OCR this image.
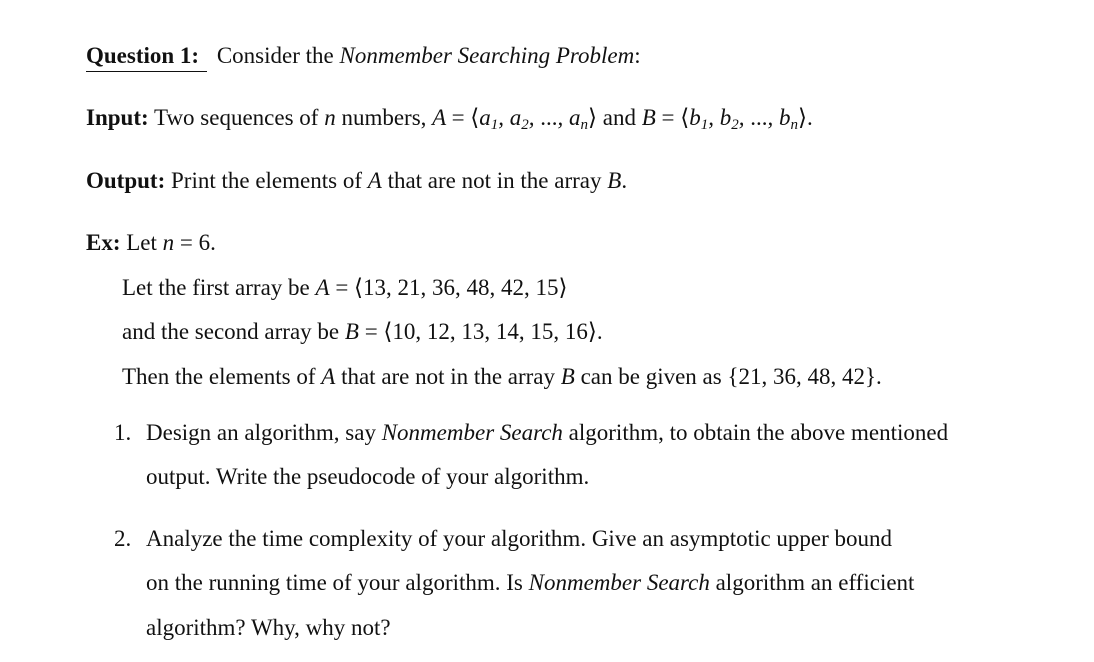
Question 1: Consider the Nonmember Searching Problem:
Input: Two sequences of n numbers, $A = ⟨a_1$, $a_2$, ..., $a_n⟩$ and $B = ⟨b_1$, $b_2$, ..., $b_n⟩$.
Output: Print the elements of A that are not in the array B.
Ex: Let n = 6.
Let the first array be A = ⟨13, 21, 36, 48, 42, 15⟩
and the second array be B = ⟨10, 12, 13, 14, 15, 16⟩.
Then the elements of A that are not in the array B can be given as {21, 36, 48, 42}.
1. Design an algorithm, say Nonmember Search algorithm, to obtain the above mentioned
output. Write the pseudocode of your algorithm.
2. Analyze the time complexity of your algorithm. Give an asymptotic upper bound
on the running time of your algorithm. Is Nonmember Search algorithm an efficient
algorithm? Why, why not?
